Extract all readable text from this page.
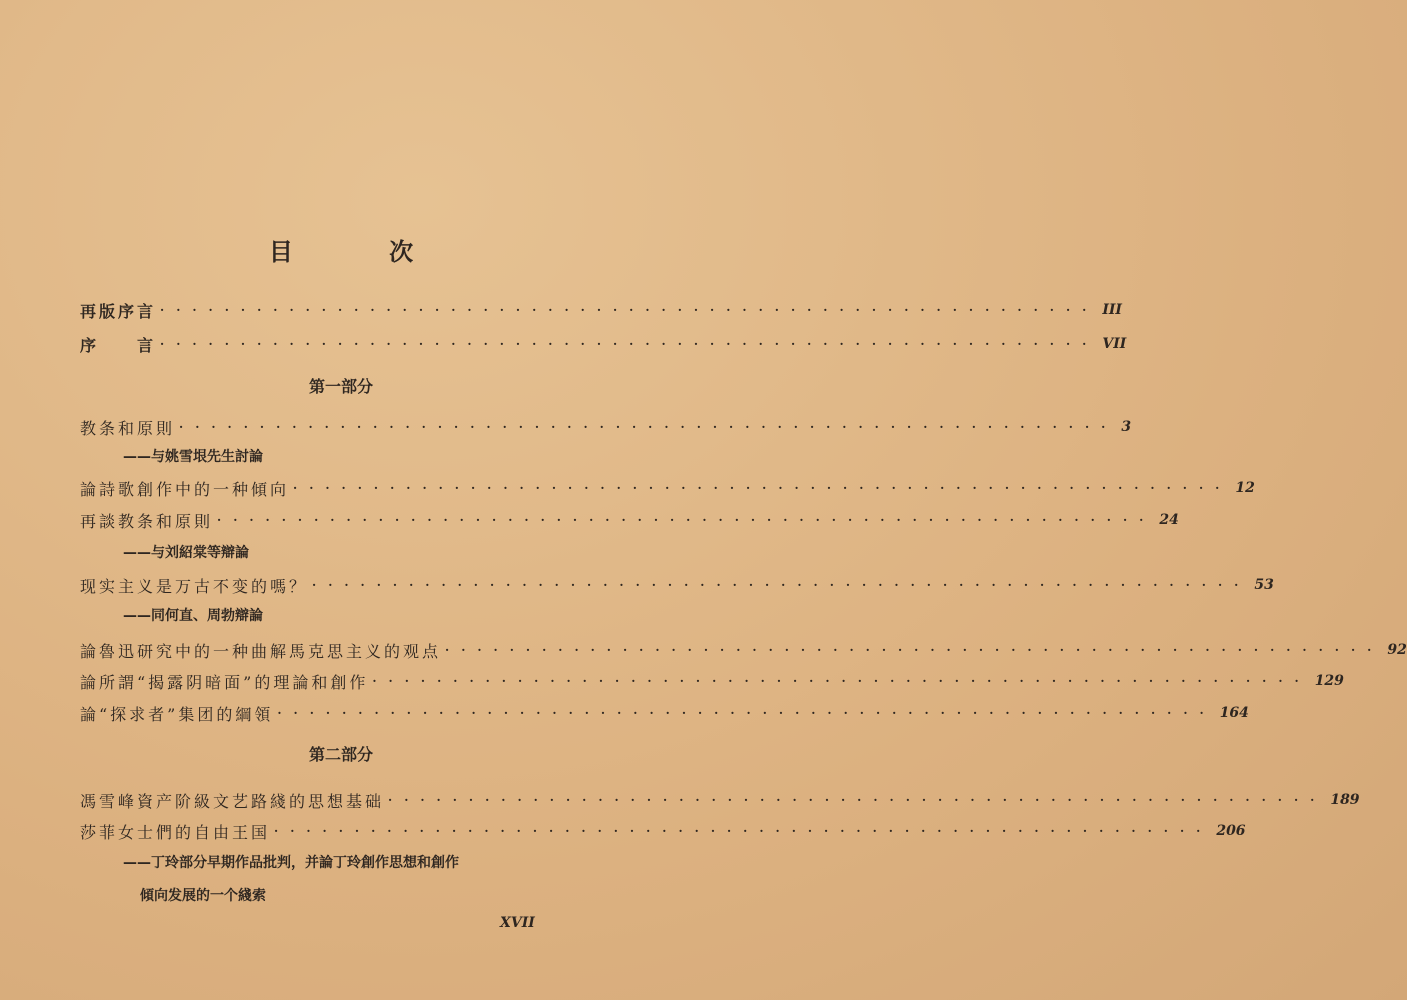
目 次
再版序言 ·························································· III
序　　言 ·························································· VII
第一部分
教条和原則 ·························································· 3
——与姚雪垠先生討論
論詩歌創作中的一种傾向 ·························································· 12
再談教条和原則 ·························································· 24
——与刘紹棠等辯論
现实主义是万古不变的嗎？ ·························································· 53
——同何直、周勃辯論
論魯迅研究中的一种曲解馬克思主义的观点 ·························································· 92
論所謂“揭露阴暗面”的理論和創作 ·························································· 129
論“探求者”集团的綱領 ·························································· 164
第二部分
馮雪峰資产阶級文艺路綫的思想基础 ·························································· 189
莎菲女士們的自由王国 ·························································· 206
——丁玲部分早期作品批判，并論丁玲創作思想和創作
傾向发展的一个綫索
XVII
